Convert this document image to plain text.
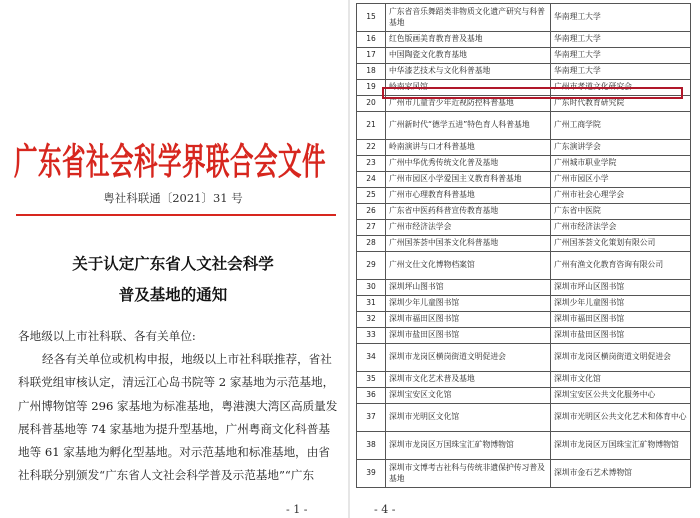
广东省社会科学界联合会文件
粤社科联通〔2021〕31 号
关于认定广东省人文社会科学
普及基地的通知
各地级以上市社科联、各有关单位:
经各有关单位或机构申报，地级以上市社科联推荐，省社
科联党组审核认定，清远江心岛书院等 2 家基地为示范基地，
广州博物馆等 296 家基地为标准基地，粤港澳大湾区高质量发
展科普基地等 74 家基地为提升型基地，广州粤商文化科普基
地等 61 家基地为孵化型基地。对示范基地和标准基地，由省
社科联分别颁发“广东省人文社会科学普及示范基地”“广东
- 1 -
15	广东省音乐舞蹈类非物质文化遗产研究与科普基地	华南理工大学
16	红色版画美育教育普及基地	华南理工大学
17	中国陶瓷文化教育基地	华南理工大学
18	中华漆艺技术与文化科普基地	华南理工大学
19	岭南家风馆	广州市孝道文化研究会
20	广州市儿童青少年近视防控科普基地	广东时代教育研究院
21	广州新时代“德学五进”特色育人科普基地	广州工商学院
22	岭南演讲与口才科普基地	广东演讲学会
23	广州中华优秀传统文化普及基地	广州城市职业学院
24	广州市园区小学爱国主义教育科普基地	广州市园区小学
25	广州市心理教育科普基地	广州市社会心理学会
26	广东省中医药科普宣传教育基地	广东省中医院
27	广州市经济法学会	广州市经济法学会
28	广州国茶荟中国茶文化科普基地	广州国茶荟文化策划有限公司
29	广州文仕文化博物档案馆	广州有渔文化教育咨询有限公司
30	深圳坪山图书馆	深圳市坪山区图书馆
31	深圳少年儿童图书馆	深圳少年儿童图书馆
32	深圳市福田区图书馆	深圳市福田区图书馆
33	深圳市盐田区图书馆	深圳市盐田区图书馆
34	深圳市龙岗区横岗街道文明促进会	深圳市龙岗区横岗街道文明促进会
35	深圳市文化艺术普及基地	深圳市文化馆
36	深圳宝安区文化馆	深圳宝安区公共文化服务中心
37	深圳市光明区文化馆	深圳市光明区公共文化艺术和体育中心
38	深圳市龙岗区万国珠宝汇矿物博物馆	深圳市龙岗区万国珠宝汇矿物博物馆
39	深圳市文博考古社科与传统非遗保护传习普及基地	深圳市金石艺术博物馆
- 4 -
